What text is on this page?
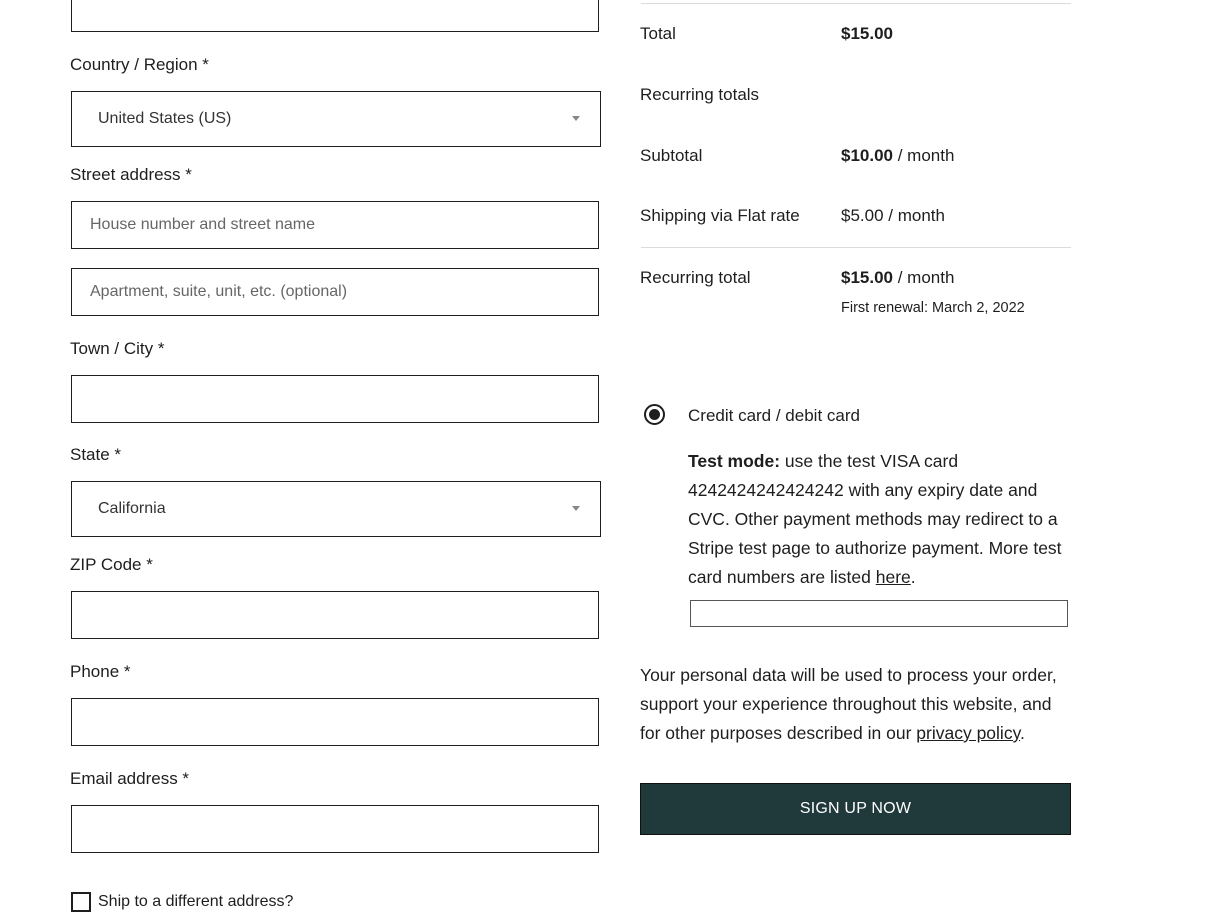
Country / Region *
United States (US)
Street address *
House number and street name
Apartment, suite, unit, etc. (optional)
Town / City *
State *
California
ZIP Code *
Phone *
Email address *
Ship to a different address?
Total	$15.00
Recurring totals
Subtotal	$10.00 / month
Shipping via Flat rate $5.00 / month
Recurring total	$15.00 / month
First renewal: March 2, 2022
Credit card / debit card
Test mode: use the test VISA card 4242424242424242 with any expiry date and CVC. Other payment methods may redirect to a Stripe test page to authorize payment. More test card numbers are listed here.
Your personal data will be used to process your order, support your experience throughout this website, and for other purposes described in our privacy policy.
SIGN UP NOW
